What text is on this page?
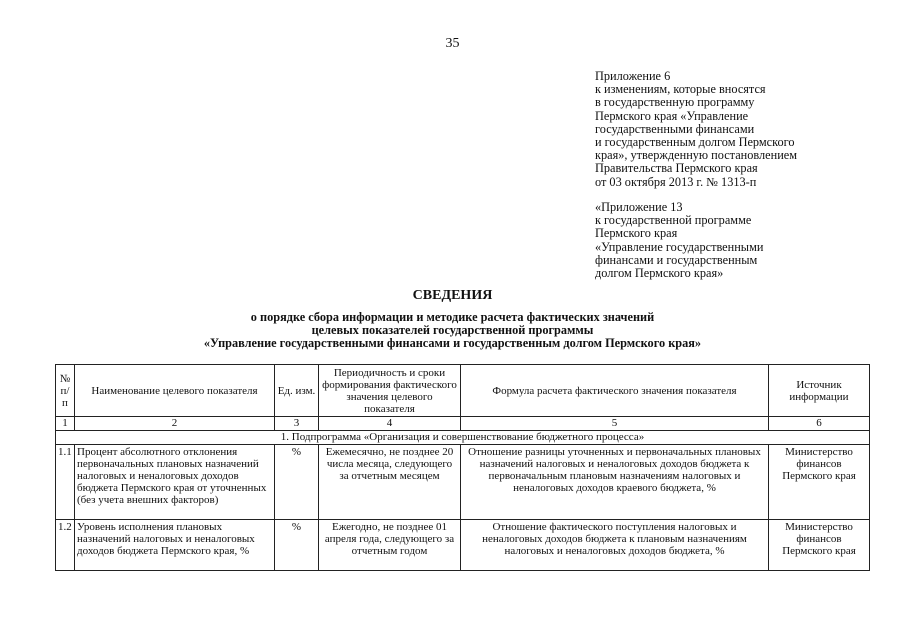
35
Приложение 6
к изменениям, которые вносятся
в государственную программу
Пермского края «Управление
государственными финансами
и государственным долгом Пермского
края», утвержденную постановлением
Правительства Пермского края
от 03 октября 2013 г. № 1313-п
«Приложение 13
к государственной программе
Пермского края
«Управление государственными
финансами и государственным
долгом Пермского края»
СВЕДЕНИЯ
о порядке сбора информации и методике расчета фактических значений
целевых показателей государственной программы
«Управление государственными финансами и государственным долгом Пермского края»
№ п/п	Наименование целевого показателя	Ед. изм.	Периодичность и сроки формирования фактического значения целевого показателя	Формула расчета фактического значения показателя	Источник информации
1	2	3	4	5	6
1. Подпрограмма «Организация и совершенствование бюджетного процесса»					
1.1	Процент абсолютного отклонения первоначальных плановых назначений налоговых и неналоговых доходов бюджета Пермского края от уточненных (без учета внешних факторов)	%	Ежемесячно, не позднее 20 числа месяца, следующего за отчетным месяцем	Отношение разницы уточненных и первоначальных плановых назначений налоговых и неналоговых доходов бюджета к первоначальным плановым назначениям налоговых и неналоговых доходов краевого бюджета, %	Министерство финансов Пермского края
1.2	Уровень исполнения плановых назначений налоговых и неналоговых доходов бюджета Пермского края, %	%	Ежегодно, не позднее 01 апреля года, следующего за отчетным годом	Отношение фактического поступления налоговых и неналоговых доходов бюджета к плановым назначениям налоговых и неналоговых доходов бюджета, %	Министерство финансов Пермского края
